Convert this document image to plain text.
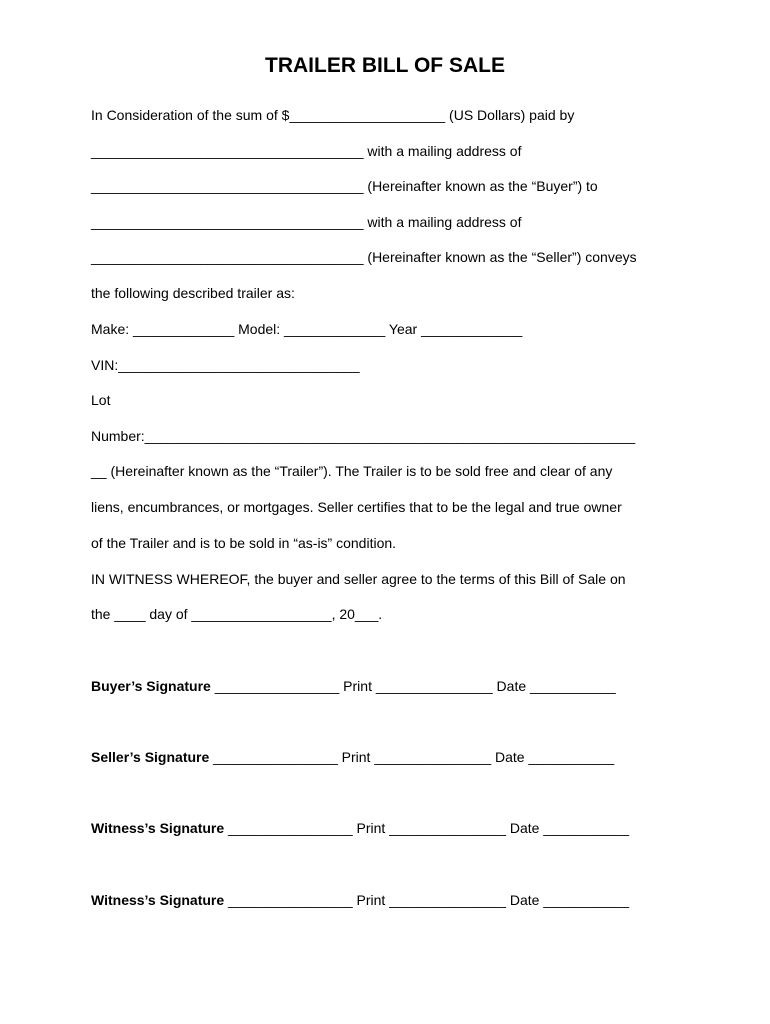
TRAILER BILL OF SALE
In Consideration of the sum of $____________________ (US Dollars) paid by
___________________________________ with a mailing address of
___________________________________ (Hereinafter known as the “Buyer”) to
___________________________________ with a mailing address of
___________________________________ (Hereinafter known as the “Seller”) conveys
the following described trailer as:
Make: _____________ Model: _____________ Year _____________
VIN:_______________________________
Lot
Number:_______________________________________________________________
__ (Hereinafter known as the “Trailer”). The Trailer is to be sold free and clear of any
liens, encumbrances, or mortgages. Seller certifies that to be the legal and true owner
of the Trailer and is to be sold in “as-is” condition.
IN WITNESS WHEREOF, the buyer and seller agree to the terms of this Bill of Sale on
the ____ day of __________________, 20___.
Buyer’s Signature ________________ Print _______________ Date ___________
Seller’s Signature ________________ Print _______________ Date ___________
Witness’s Signature ________________ Print _______________ Date ___________
Witness’s Signature ________________ Print _______________ Date ___________
